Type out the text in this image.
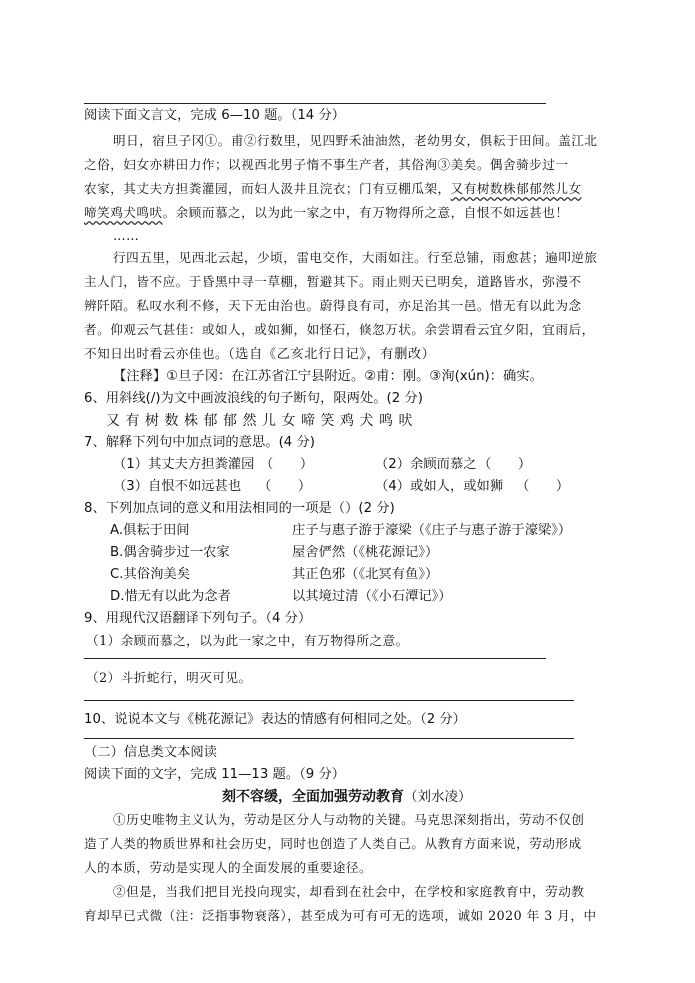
阅读下面文言文，完成 6—10 题。（14 分）
明日，宿旦子冈①。甫②行数里，见四野禾油油然，老幼男女，俱耘于田间。盖江北
之俗，妇女亦耕田力作；以视西北男子惰不事生产者，其俗洵③美矣。偶舍骑步过一
农家，其丈夫方担粪灌园，而妇人汲井且浣衣；门有豆棚瓜架，又有树数株郁郁然儿女
啼笑鸡犬鸣吠。余顾而慕之，以为此一家之中，有万物得所之意，自恨不如远甚也！
……
行四五里，见西北云起，少顷，雷电交作，大雨如注。行至总铺，雨愈甚；遍叩逆旅
主人门，皆不应。于昏黑中寻一草棚，暂避其下。雨止则天已明矣，道路皆水，弥漫不
辨阡陌。私叹水利不修，天下无由治也。蔚得良有司，亦足治其一邑。惜无有以此为念
者。仰观云气甚佳：或如人，或如狮，如怪石，倏忽万状。余尝谓看云宜夕阳，宜雨后，
不知日出时看云亦佳也。（选自《乙亥北行日记》，有删改）
【注释】①旦子冈：在江苏省江宁县附近。②甫：刚。③洵(xún)：确实。
6、用斜线(/)为文中画波浪线的句子断句，限两处。(2 分)
又有树数株郁郁然儿女啼笑鸡犬鸣吠
7、解释下列句中加点词的意思。(4 分)
（1）其丈夫方担粪灌园 （　　）	（2）余顾而慕之 （　　）
（3）自恨不如远甚也 （　　）	（4）或如人，或如狮 （　　）
8、下列加点词的意义和用法相同的一项是（）(2 分)
A.俱耘于田间	庄子与惠子游于濠梁（《庄子与惠子游于濠梁》）
B.偶舍骑步过一农家	屋舍俨然（《桃花源记》）
C.其俗洵美矣	其正色邪（《北冥有鱼》）
D.惜无有以此为念者	以其境过清（《小石潭记》）
9、用现代汉语翻译下列句子。（4 分）
（1）余顾而慕之，以为此一家之中，有万物得所之意。
（2）斗折蛇行，明灭可见。
10、说说本文与《桃花源记》表达的情感有何相同之处。（2 分）
（二）信息类文本阅读
阅读下面的文字，完成 11—13 题。（9 分）
刻不容缓，全面加强劳动教育（刘水凌）
①历史唯物主义认为，劳动是区分人与动物的关键。马克思深刻指出，劳动不仅创
造了人类的物质世界和社会历史，同时也创造了人类自己。从教育方面来说，劳动形成
人的本质，劳动是实现人的全面发展的重要途径。
②但是，当我们把目光投向现实，却看到在社会中，在学校和家庭教育中，劳动教
育却早已式微（注：泛指事物衰落），甚至成为可有可无的选项，诚如 2020 年 3 月，中
